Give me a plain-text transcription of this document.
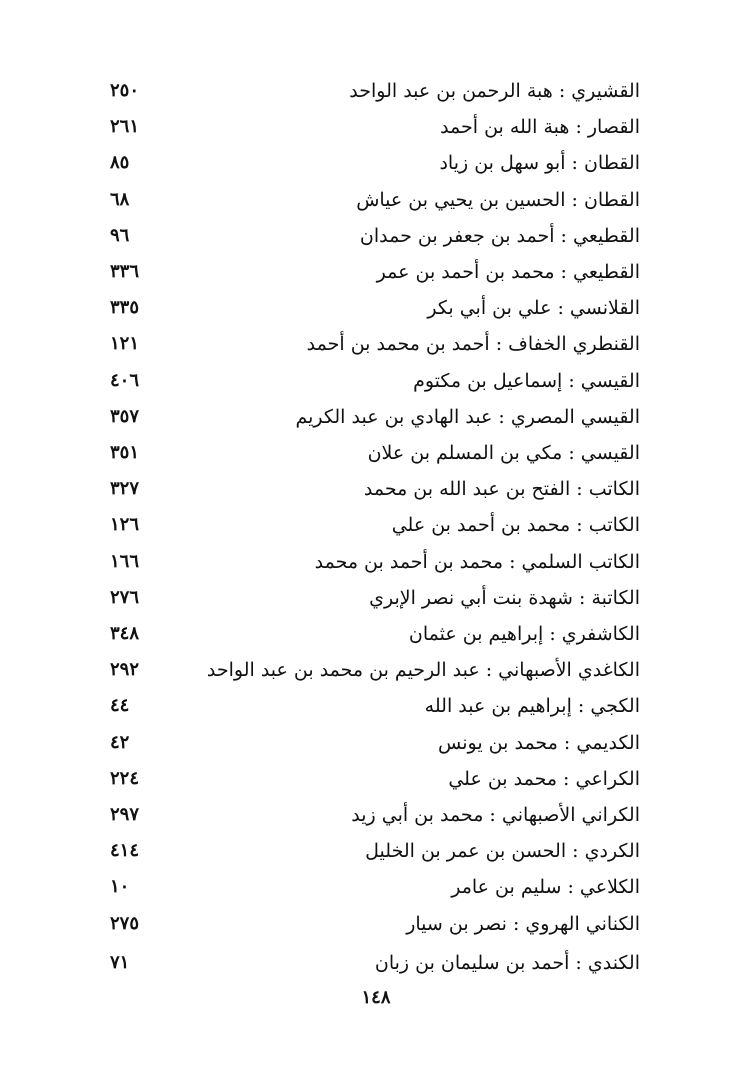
القشيري : هبة الرحمن بن عبد الواحد
٢٥٠
القصار : هبة الله بن أحمد
٢٦١
القطان : أبو سهل بن زياد
٨٥
القطان : الحسين بن يحيي بن عياش
٦٨
القطيعي : أحمد بن جعفر بن حمدان
٩٦
القطيعي : محمد بن أحمد بن عمر
٣٣٦
القلانسي : علي بن أبي بكر
٣٣٥
القنطري الخفاف : أحمد بن محمد بن أحمد
١٢١
القيسي : إسماعيل بن مكتوم
٤٠٦
القيسي المصري : عبد الهادي بن عبد الكريم
٣٥٧
القيسي : مكي بن المسلم بن علان
٣٥١
الكاتب : الفتح بن عبد الله بن محمد
٣٢٧
الكاتب : محمد بن أحمد بن علي
١٢٦
الكاتب السلمي : محمد بن أحمد بن محمد
١٦٦
الكاتبة : شهدة بنت أبي نصر الإبري
٢٧٦
الكاشفري : إبراهيم بن عثمان
٣٤٨
الكاغدي الأصبهاني : عبد الرحيم بن محمد بن عبد الواحد
٢٩٢
الكجي : إبراهيم بن عبد الله
٤٤
الكديمي : محمد بن يونس
٤٢
الكراعي : محمد بن علي
٢٢٤
الكراني الأصبهاني : محمد بن أبي زيد
٢٩٧
الكردي : الحسن بن عمر بن الخليل
٤١٤
الكلاعي : سليم بن عامر
١٠
الكناني الهروي : نصر بن سيار
٢٧٥
الكندي : أحمد بن سليمان بن زبان
٧١
١٤٨
